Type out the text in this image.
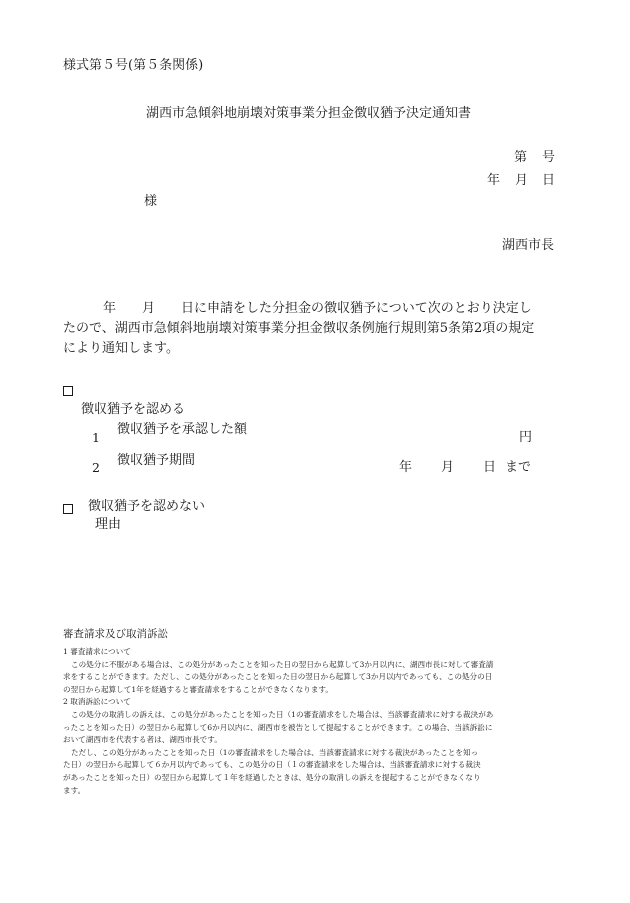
様式第５号(第５条関係)
湖西市急傾斜地崩壊対策事業分担金徴収猶予決定通知書
第 号
年 月 日
様
湖西市長
年 月 日に申請をした分担金の徴収猶予について次のとおり決定し
たので、湖西市急傾斜地崩壊対策事業分担金徴収条例施行規則第5条第2項の規定
により通知します。
徴収猶予を認める
1
徴収猶予を承認した額
円
2 徴収猶予期間	年 月 日 まで
徴収猶予を認めない
理由
審査請求及び取消訴訟
1 審査請求について
この処分に不服がある場合は、この処分があったことを知った日の翌日から起算して3か月以内に、湖西市長に対して審査請
求をすることができます。ただし、この処分があったことを知った日の翌日から起算して3か月以内であっても、この処分の日
の翌日から起算して1年を経過すると審査請求をすることができなくなります。
2 取消訴訟について
この処分の取消しの訴えは、この処分があったことを知った日（1の審査請求をした場合は、当該審査請求に対する裁決があ
ったことを知った日）の翌日から起算して6か月以内に、湖西市を被告として提起することができます。この場合、当該訴訟に
おいて湖西市を代表する者は、湖西市長です。
ただし、この処分があったことを知った日（1の審査請求をした場合は、当該審査請求に対する裁決があったことを知っ
た日）の翌日から起算して６か月以内であっても、この処分の日（１の審査請求をした場合は、当該審査請求に対する裁決
があったことを知った日）の翌日から起算して１年を経過したときは、処分の取消しの訴えを提起することができなくなり
ます。
